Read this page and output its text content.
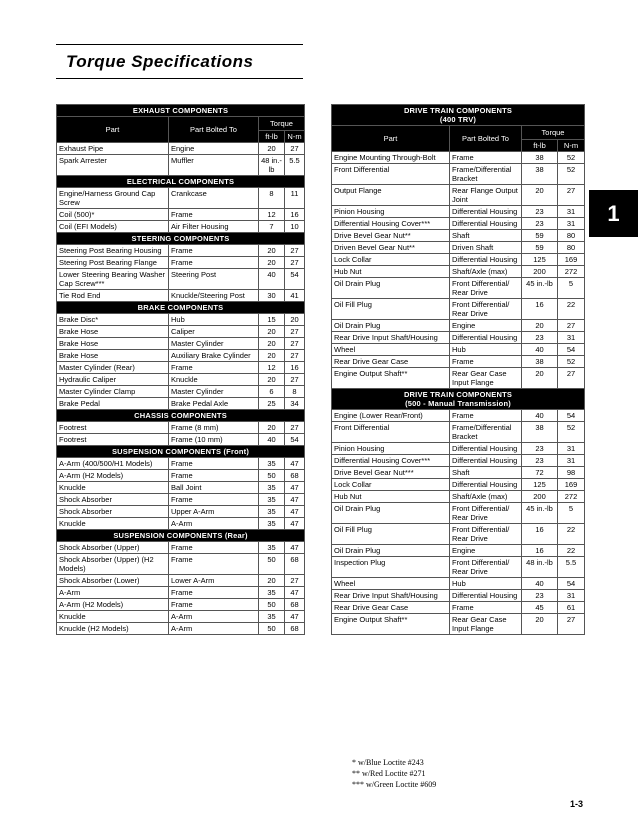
Torque Specifications
EXHAUST COMPONENTS			
Part	Part Bolted To	Torque	
		ft-lb	N-m
Exhaust Pipe	Engine	20	27
Spark Arrester	Muffler	48 in.-lb	5.5
ELECTRICAL COMPONENTS			
Engine/Harness Ground Cap Screw	Crankcase	8	11
Coil (500)*	Frame	12	16
Coil (EFI Models)	Air Filter Housing	7	10
STEERING COMPONENTS			
Steering Post Bearing Housing	Frame	20	27
Steering Post Bearing Flange	Frame	20	27
Lower Steering Bearing Washer Cap Screw***	Steering Post	40	54
Tie Rod End	Knuckle/Steering Post	30	41
BRAKE COMPONENTS			
Brake Disc*	Hub	15	20
Brake Hose	Caliper	20	27
Brake Hose	Master Cylinder	20	27
Brake Hose	Auxiliary Brake Cylinder	20	27
Master Cylinder (Rear)	Frame	12	16
Hydraulic Caliper	Knuckle	20	27
Master Cylinder Clamp	Master Cylinder	6	8
Brake Pedal	Brake Pedal Axle	25	34
CHASSIS COMPONENTS			
Footrest	Frame (8 mm)	20	27
Footrest	Frame (10 mm)	40	54
SUSPENSION COMPONENTS (Front)			
A-Arm (400/500/H1 Models)	Frame	35	47
A-Arm (H2 Models)	Frame	50	68
Knuckle	Ball Joint	35	47
Shock Absorber	Frame	35	47
Shock Absorber	Upper A-Arm	35	47
Knuckle	A-Arm	35	47
SUSPENSION COMPONENTS (Rear)			
Shock Absorber (Upper)	Frame	35	47
Shock Absorber (Upper) (H2 Models)	Frame	50	68
Shock Absorber (Lower)	Lower A-Arm	20	27
A-Arm	Frame	35	47
A-Arm (H2 Models)	Frame	50	68
Knuckle	A-Arm	35	47
Knuckle (H2 Models)	A-Arm	50	68
DRIVE TRAIN COMPONENTS
(400 TRV)			

Part	Part Bolted To	Torque	
		ft-lb	N-m
Engine Mounting Through-Bolt	Frame	38	52
Front Differential	Frame/Differential Bracket	38	52
Output Flange	Rear Flange Output Joint	20	27
Pinion Housing	Differential Housing	23	31
Differential Housing Cover***	Differential Housing	23	31
Drive Bevel Gear Nut**	Shaft	59	80
Driven Bevel Gear Nut**	Driven Shaft	59	80
Lock Collar	Differential Housing	125	169
Hub Nut	Shaft/Axle (max)	200	272
Oil Drain Plug	Front Differential/ Rear Drive	45 in.-lb	5
Oil Fill Plug	Front Differential/ Rear Drive	16	22
Oil Drain Plug	Engine	20	27
Rear Drive Input Shaft/Housing	Differential Housing	23	31
Wheel	Hub	40	54
Rear Drive Gear Case	Frame	38	52
Engine Output Shaft**	Rear Gear Case Input Flange	20	27

DRIVE TRAIN COMPONENTS
(500 - Manual Transmission)			

Engine (Lower Rear/Front)	Frame	40	54
Front Differential	Frame/Differential Bracket	38	52
Pinion Housing	Differential Housing	23	31
Differential Housing Cover***	Differential Housing	23	31
Drive Bevel Gear Nut***	Shaft	72	98
Lock Collar	Differential Housing	125	169
Hub Nut	Shaft/Axle (max)	200	272
Oil Drain Plug	Front Differential/ Rear Drive	45 in.-lb	5
Oil Fill Plug	Front Differential/ Rear Drive	16	22
Oil Drain Plug	Engine	16	22
Inspection Plug	Front Differential/ Rear Drive	48 in.-lb	5.5
Wheel	Hub	40	54
Rear Drive Input Shaft/Housing	Differential Housing	23	31
Rear Drive Gear Case	Frame	45	61
Engine Output Shaft**	Rear Gear Case Input Flange	20	27
1
* w/Blue Loctite #243
** w/Red Loctite #271
*** w/Green Loctite #609
1-3
